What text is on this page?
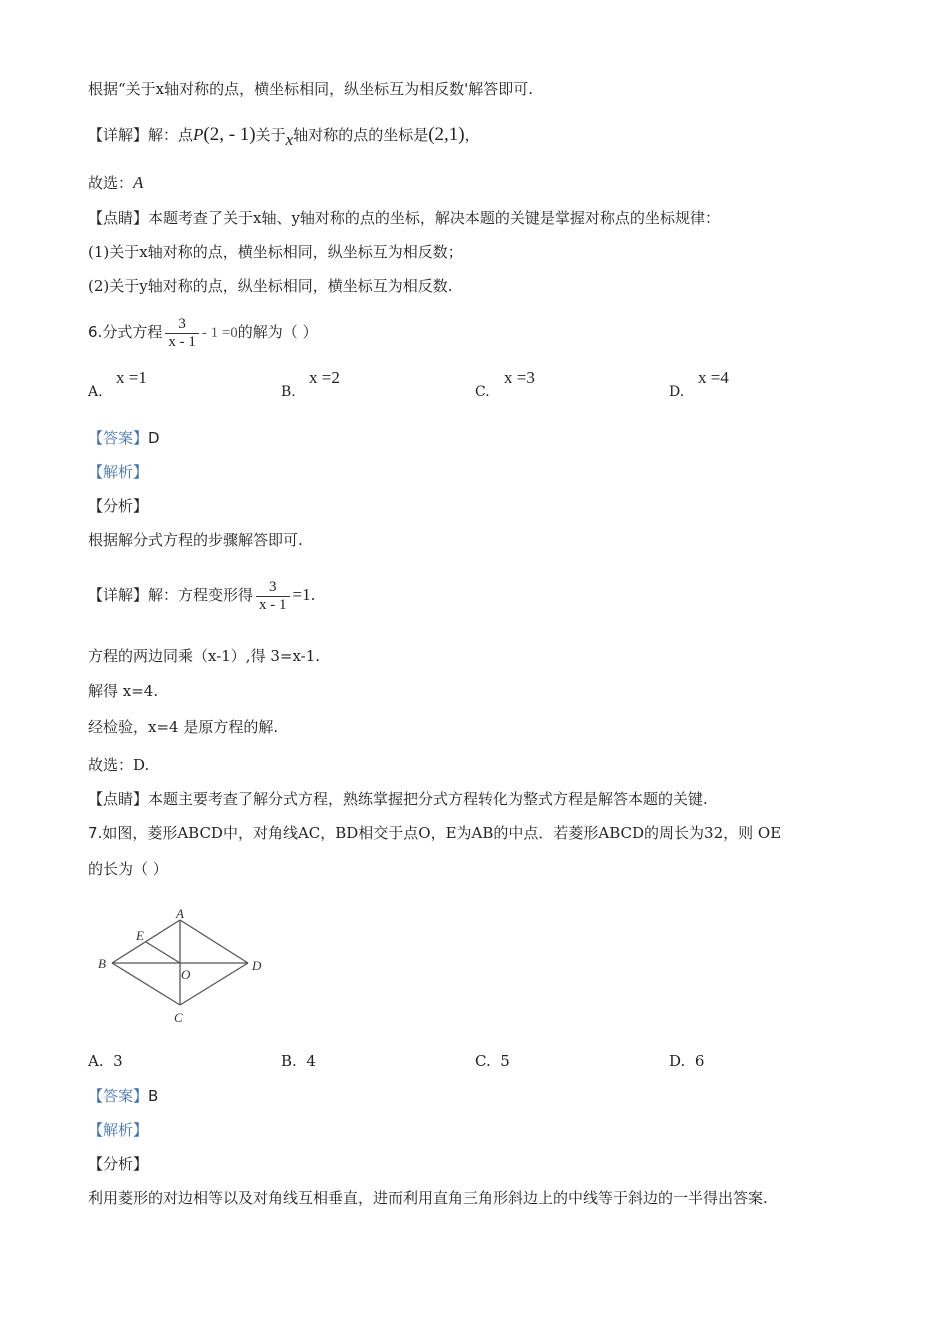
根据“关于x轴对称的点，横坐标相同，纵坐标互为相反数'解答即可.
【详解】解：点P(2, - 1)关于x轴对称的点的坐标是(2,1)，
故选：A
【点睛】本题考查了关于x轴、y轴对称的点的坐标，解决本题的关键是掌握对称点的坐标规律：
(1)关于x轴对称的点，横坐标相同，纵坐标互为相反数；
(2)关于y轴对称的点，纵坐标相同，横坐标互为相反数.
6.分式方程 $\frac{3}{x - 1} - 1 =0$的解为（ ）
A.
x =1
B.
x =2
C.
x =3
D.
x =4
【答案】D
【解析】
【分析】
根据解分式方程的步骤解答即可.
【详解】解：方程变形得 $\frac{3}{x - 1} =1$.
方程的两边同乘（x-1）,得 3=x-1.
解得 x=4.
经检验，x=4 是原方程的解.
故选：D.
【点睛】本题主要考查了解分式方程，熟练掌握把分式方程转化为整式方程是解答本题的关键.
7.如图，菱形ABCD中，对角线AC，BD相交于点O，E为AB的中点．若菱形ABCD的周长为32，则 OE
的长为（ ）
A
B
C
D
E
O
A. 3	B. 4	C. 5	D. 6
【答案】B
【解析】
【分析】
利用菱形的对边相等以及对角线互相垂直，进而利用直角三角形斜边上的中线等于斜边的一半得出答案.
